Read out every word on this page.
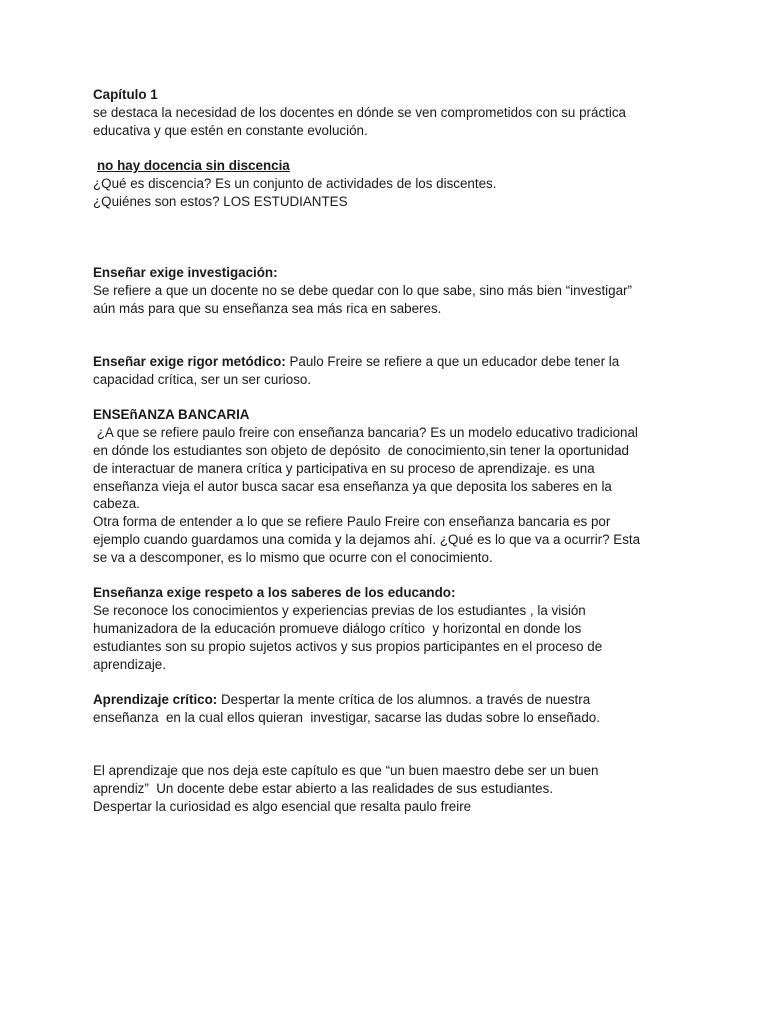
Capítulo 1

se destaca la necesidad de los docentes en dónde se ven comprometidos con su práctica

educativa y que estén en constante evolución.

no hay docencia sin discencia

¿Qué es discencia? Es un conjunto de actividades de los discentes.

¿Quiénes son estos? LOS ESTUDIANTES

Enseñar exige investigación:

Se refiere a que un docente no se debe quedar con lo que sabe, sino más bien “investigar”

aún más para que su enseñanza sea más rica en saberes.

Enseñar exige rigor metódico: Paulo Freire se refiere a que un educador debe tener la

capacidad crítica, ser un ser curioso.

ENSEñANZA BANCARIA

¿A que se refiere paulo freire con enseñanza bancaria? Es un modelo educativo tradicional

en dónde los estudiantes son objeto de depósito  de conocimiento,sin tener la oportunidad

de interactuar de manera crítica y participativa en su proceso de aprendizaje. es una

enseñanza vieja el autor busca sacar esa enseñanza ya que deposita los saberes en la

cabeza.

Otra forma de entender a lo que se refiere Paulo Freire con enseñanza bancaria es por

ejemplo cuando guardamos una comida y la dejamos ahí. ¿Qué es lo que va a ocurrir? Esta

se va a descomponer, es lo mismo que ocurre con el conocimiento.

Enseñanza exige respeto a los saberes de los educando:

Se reconoce los conocimientos y experiencias previas de los estudiantes , la visión

humanizadora de la educación promueve diálogo crítico  y horizontal en donde los

estudiantes son su propio sujetos activos y sus propios participantes en el proceso de

aprendizaje.

Aprendizaje crítico: Despertar la mente crítica de los alumnos. a través de nuestra

enseñanza  en la cual ellos quieran  investigar, sacarse las dudas sobre lo enseñado.

El aprendizaje que nos deja este capítulo es que “un buen maestro debe ser un buen

aprendiz”  Un docente debe estar abierto a las realidades de sus estudiantes.

Despertar la curiosidad es algo esencial que resalta paulo freire
